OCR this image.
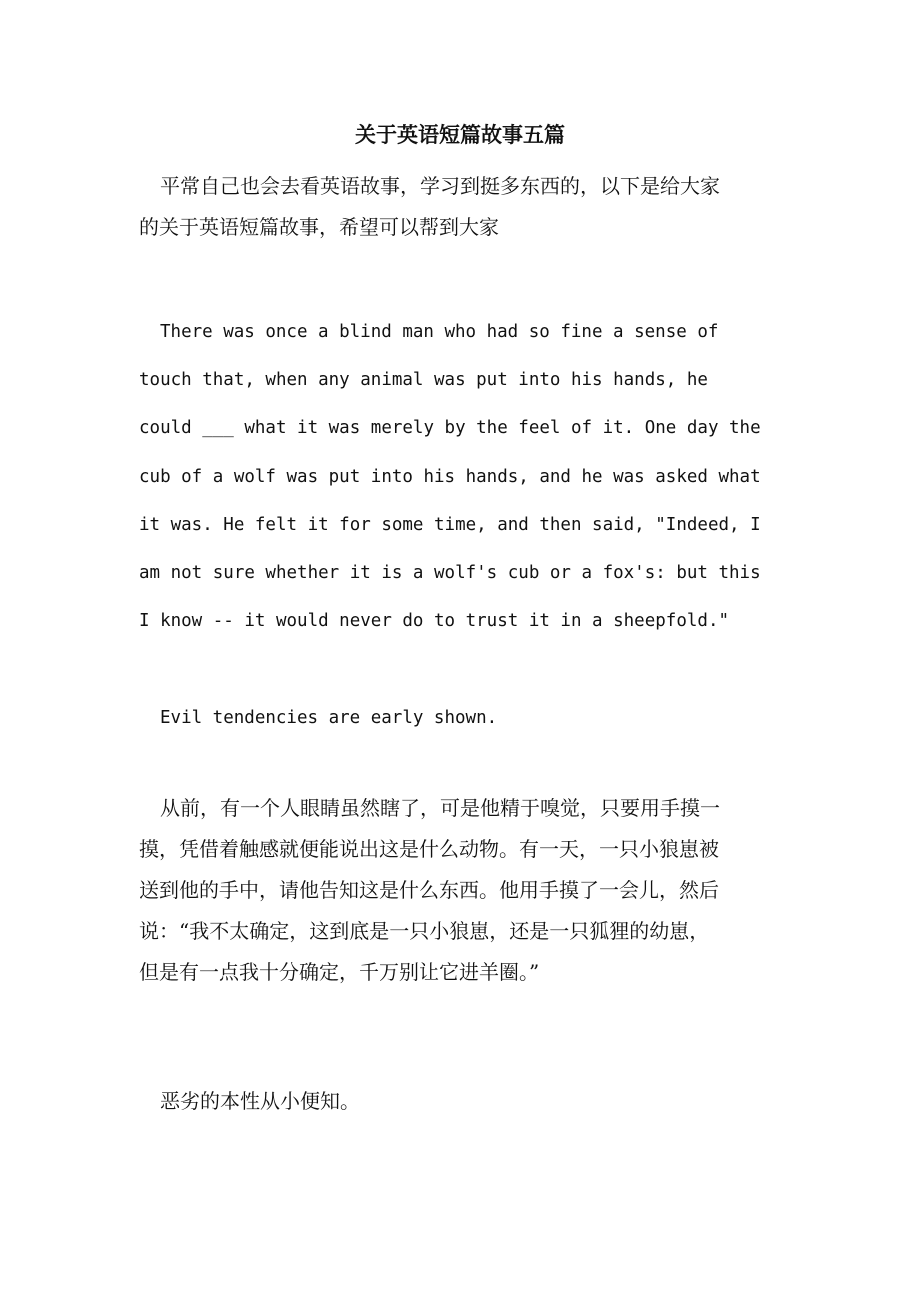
关于英语短篇故事五篇
平常自己也会去看英语故事，学习到挺多东西的，以下是给大家
的关于英语短篇故事，希望可以帮到大家
There was once a blind man who had so fine a sense of
touch that, when any animal was put into his hands, he
could ___ what it was merely by the feel of it. One day the
cub of a wolf was put into his hands, and he was asked what
it was. He felt it for some time, and then said, "Indeed, I
am not sure whether it is a wolf's cub or a fox's: but this
I know -- it would never do to trust it in a sheepfold."
Evil tendencies are early shown.
从前，有一个人眼睛虽然瞎了，可是他精于嗅觉，只要用手摸一
摸，凭借着触感就便能说出这是什么动物。有一天，一只小狼崽被
送到他的手中，请他告知这是什么东西。他用手摸了一会儿，然后
说：“我不太确定，这到底是一只小狼崽，还是一只狐狸的幼崽，
但是有一点我十分确定，千万别让它进羊圈。”
恶劣的本性从小便知。
